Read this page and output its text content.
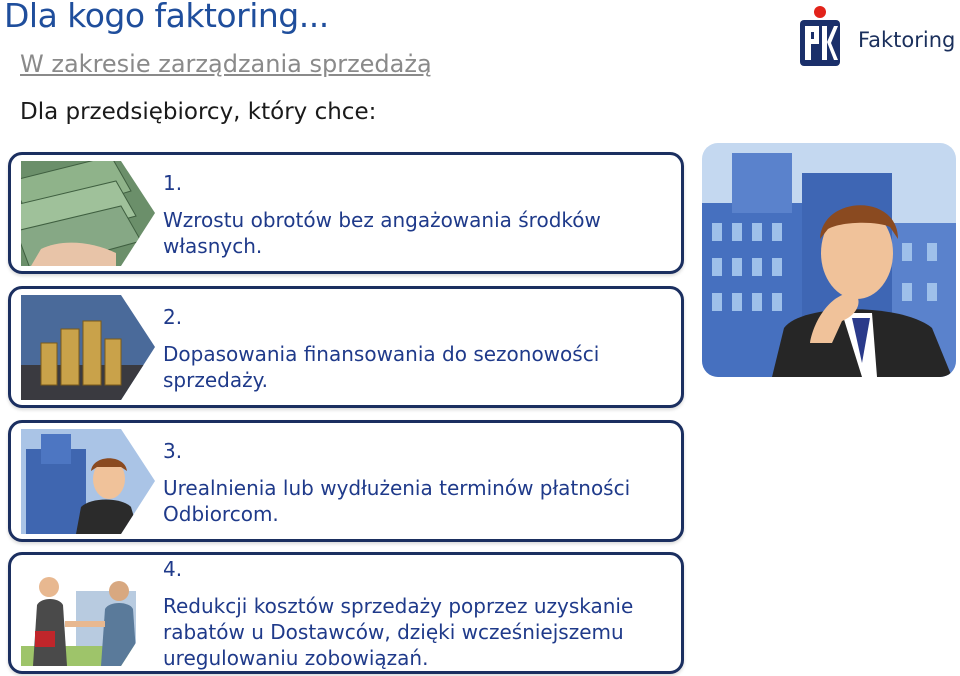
Dla kogo faktoring...
W zakresie zarządzania sprzedażą
Dla przedsiębiorcy, który chce:
Faktoring
1.
Wzrostu obrotów bez angażowania środków własnych.
2.
Dopasowania finansowania do sezonowości sprzedaży.
3.
Urealnienia lub wydłużenia terminów płatności Odbiorcom.
4.
Redukcji kosztów sprzedaży poprzez uzyskanie rabatów u Dostawców, dzięki wcześniejszemu uregulowaniu zobowiązań.
